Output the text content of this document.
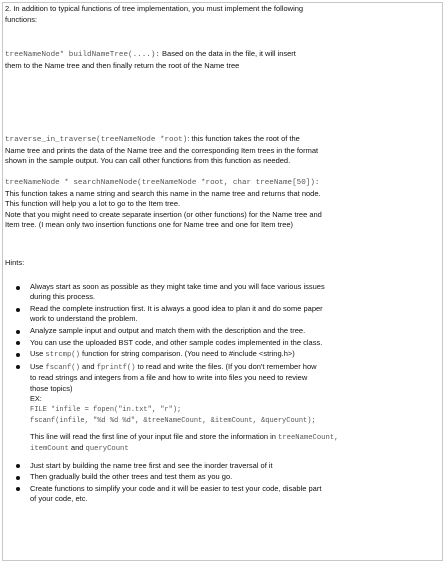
2. In addition to typical functions of tree implementation, you must implement the following
functions:

treeNameNode* buildNameTree(....): Based on the data in the file, it will insert
them to the Name tree and then finally return the root of the Name tree

traverse_in_traverse(treeNameNode *root): this function takes the root of the
Name tree and prints the data of the Name tree and the corresponding Item trees in the format
shown in the sample output. You can call other functions from this function as needed.

treeNameNode * searchNameNode(treeNameNode *root, char treeName[50]):
This function takes a name string and search this name in the name tree and returns that node.
This function will help you a lot to go to the Item tree.
Note that you might need to create separate insertion (or other functions) for the Name tree and
Item tree. (I mean only two insertion functions one for Name tree and one for Item tree)

Hints:

Always start as soon as possible as they might take time and you will face various issues
during this process.
Read the complete instruction first. It is always a good idea to plan it and do some paper
work to understand the problem.
Analyze sample input and output and match them with the description and the tree.
You can use the uploaded BST code, and other sample codes implemented in the class.
Use strcmp() function for string comparison. (You need to #include <string.h>)
Use fscanf() and fprintf() to read and write the files. (If you don't remember how
to read strings and integers from a file and how to write into files you need to review
those topics)
EX:
FILE *infile = fopen("in.txt", "r");
fscanf(infile, "%d %d %d", &treeNameCount, &itemCount, &queryCount);
This line will read the first line of your input file and store the information in treeNameCount,
itemCount and queryCount
Just start by building the name tree first and see the inorder traversal of it
Then gradually build the other trees and test them as you go.
Create functions to simplify your code and it will be easier to test your code, disable part
of your code, etc.
